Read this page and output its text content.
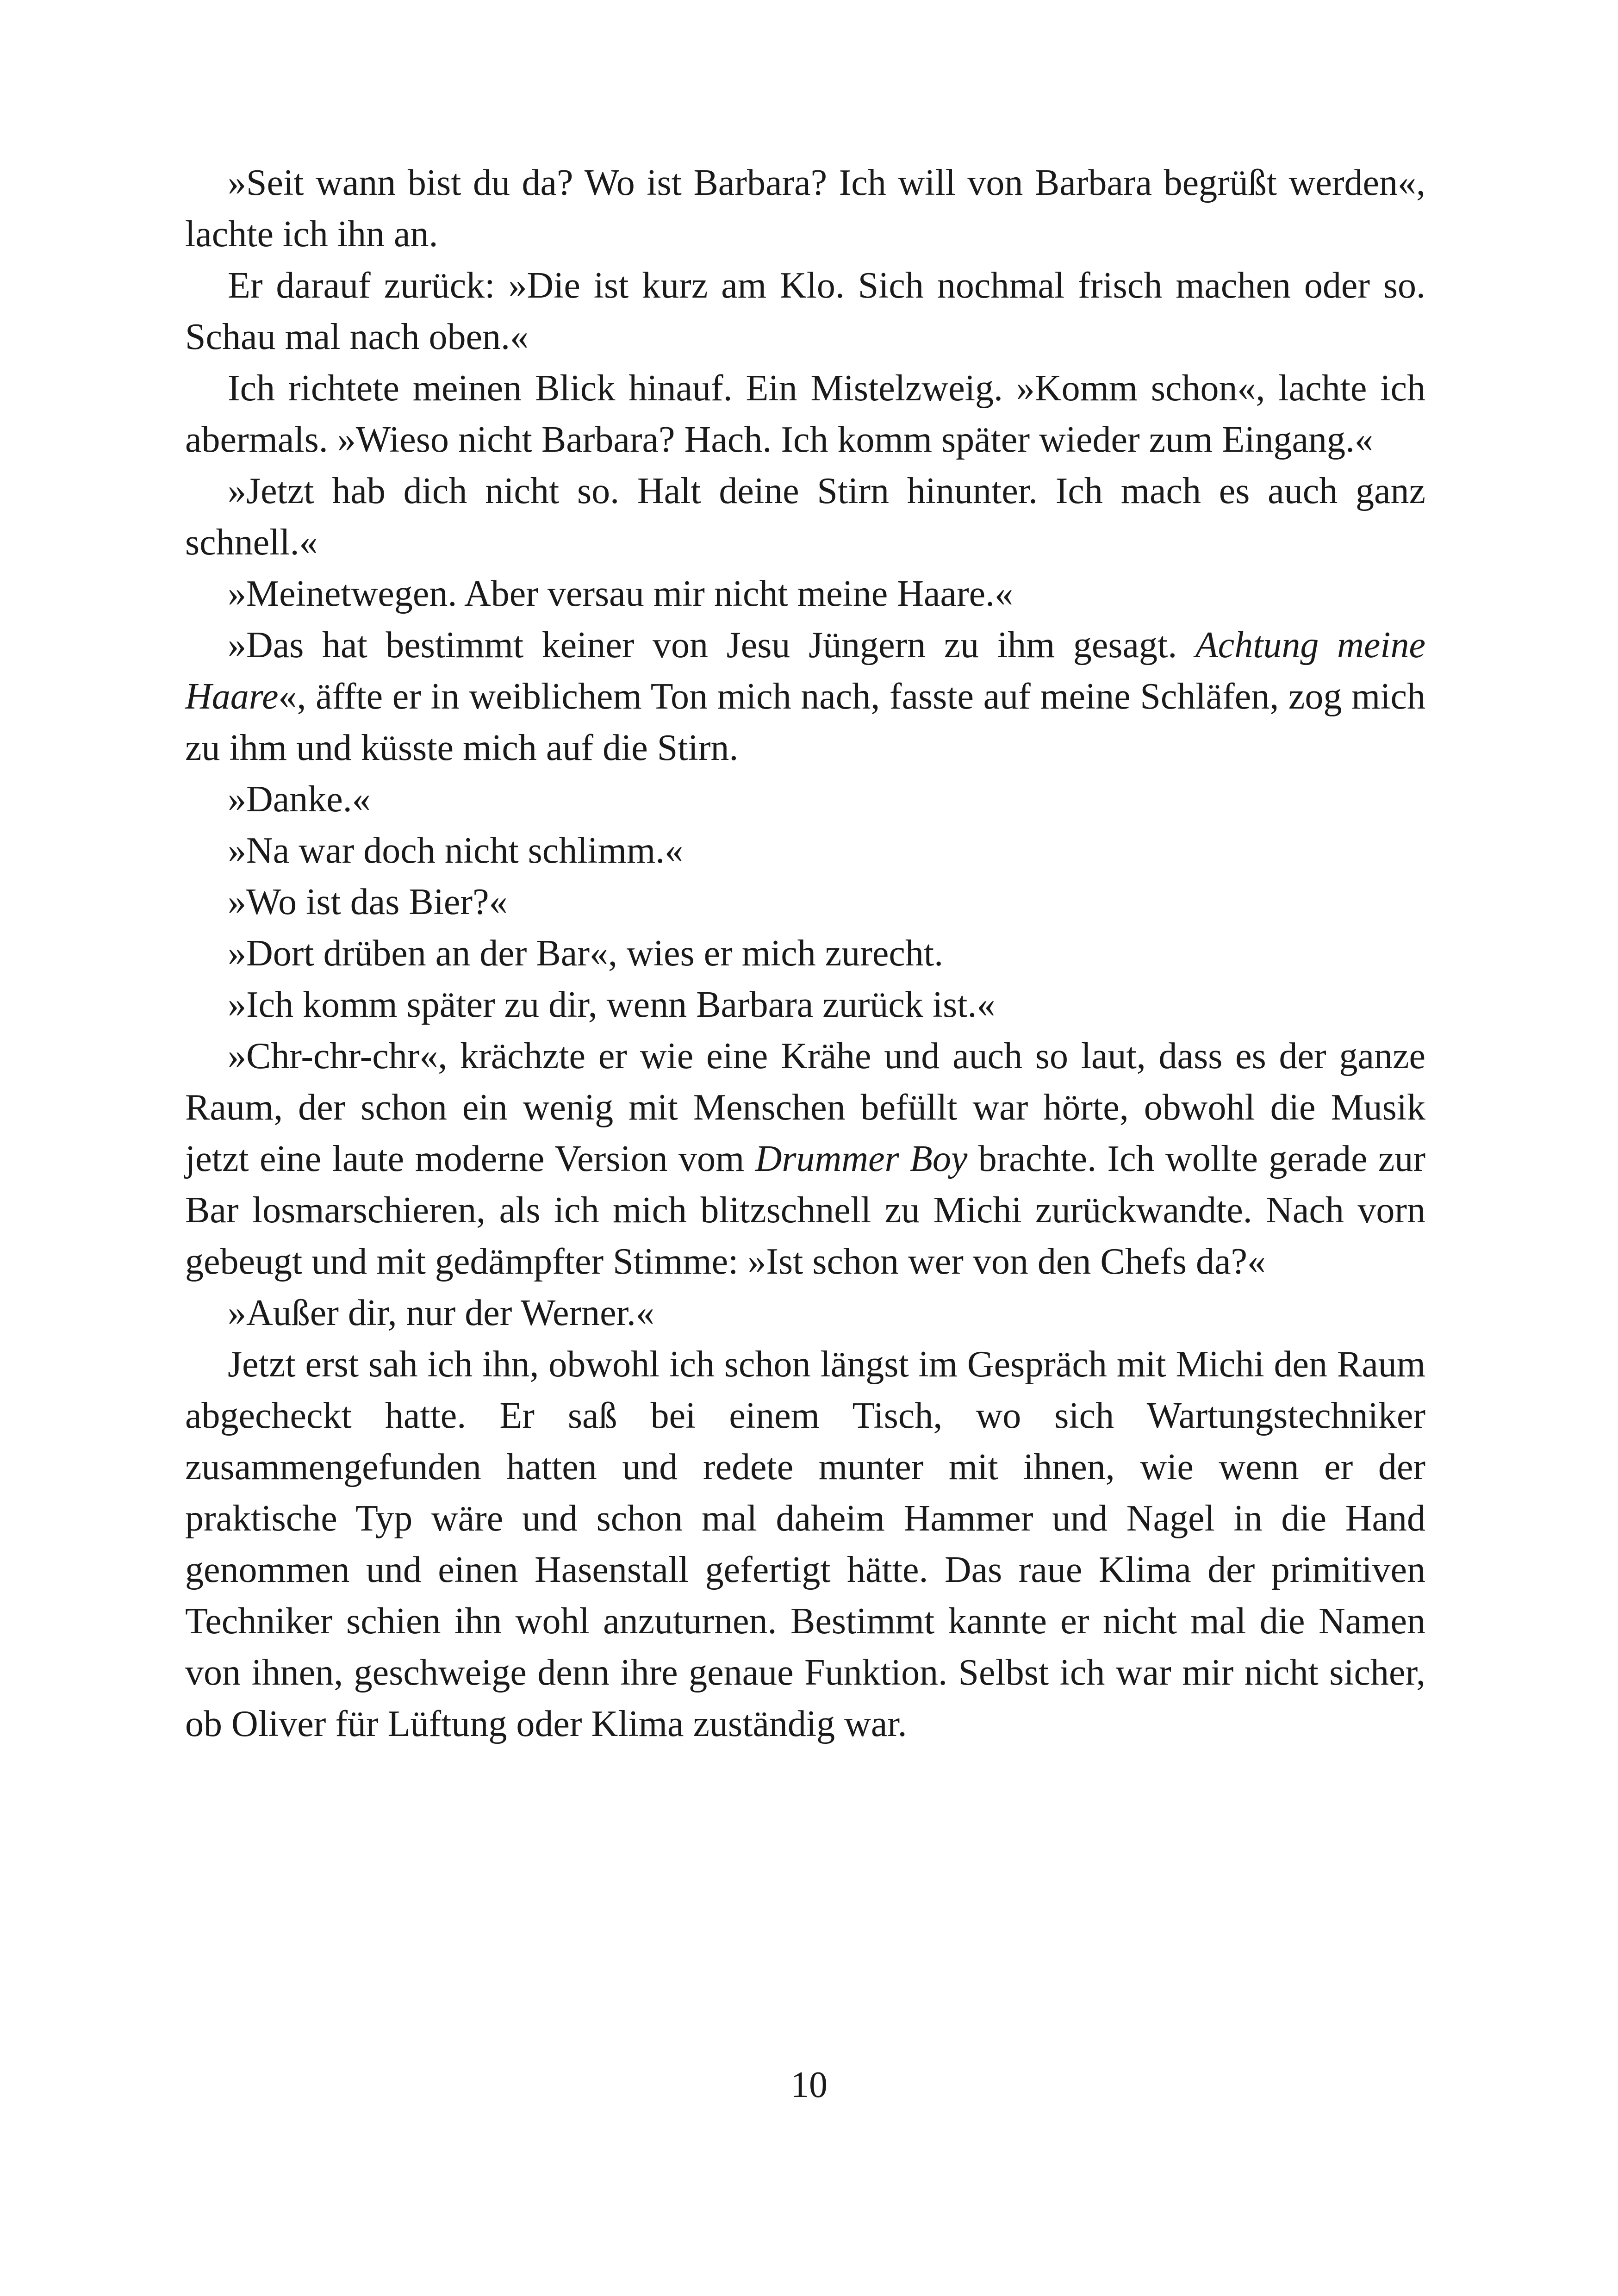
»Seit wann bist du da? Wo ist Barbara? Ich will von Barbara begrüßt werden«, lachte ich ihn an.

Er darauf zurück: »Die ist kurz am Klo. Sich nochmal frisch machen oder so. Schau mal nach oben.«

Ich richtete meinen Blick hinauf. Ein Mistelzweig. »Komm schon«, lachte ich abermals. »Wieso nicht Barbara? Hach. Ich komm später wieder zum Eingang.«

»Jetzt hab dich nicht so. Halt deine Stirn hinunter. Ich mach es auch ganz schnell.«

»Meinetwegen. Aber versau mir nicht meine Haare.«

»Das hat bestimmt keiner von Jesu Jüngern zu ihm gesagt. Achtung meine Haare«, äffte er in weiblichem Ton mich nach, fasste auf meine Schläfen, zog mich zu ihm und küsste mich auf die Stirn.

»Danke.«

»Na war doch nicht schlimm.«

»Wo ist das Bier?«

»Dort drüben an der Bar«, wies er mich zurecht.

»Ich komm später zu dir, wenn Barbara zurück ist.«

»Chr-chr-chr«, krächzte er wie eine Krähe und auch so laut, dass es der ganze Raum, der schon ein wenig mit Menschen befüllt war hörte, obwohl die Musik jetzt eine laute moderne Version vom Drummer Boy brachte. Ich wollte gerade zur Bar losmarschieren, als ich mich blitzschnell zu Michi zurückwandte. Nach vorn gebeugt und mit gedämpfter Stimme: »Ist schon wer von den Chefs da?«

»Außer dir, nur der Werner.«

Jetzt erst sah ich ihn, obwohl ich schon längst im Gespräch mit Michi den Raum abgecheckt hatte. Er saß bei einem Tisch, wo sich Wartungstechniker zusammengefunden hatten und redete munter mit ihnen, wie wenn er der praktische Typ wäre und schon mal daheim Hammer und Nagel in die Hand genommen und einen Hasenstall gefertigt hätte. Das raue Klima der primitiven Techniker schien ihn wohl anzuturnen. Bestimmt kannte er nicht mal die Namen von ihnen, geschweige denn ihre genaue Funktion. Selbst ich war mir nicht sicher, ob Oliver für Lüftung oder Klima zuständig war.

10
